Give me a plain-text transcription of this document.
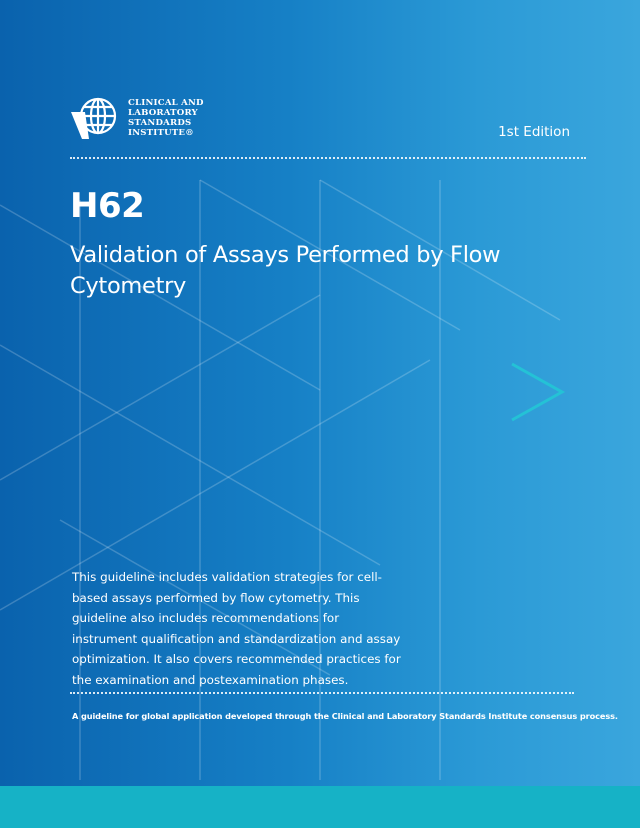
CLINICAL AND
LABORATORY
STANDARDS
INSTITUTE®	1st Edition
H62
Validation of Assays Performed by Flow Cytometry

This guideline includes validation strategies for cell-based assays performed by flow cytometry. This guideline also includes recommendations for instrument qualification and standardization and assay optimization. It also covers recommended practices for the examination and postexamination phases.

A guideline for global application developed through the Clinical and Laboratory Standards Institute consensus process.
